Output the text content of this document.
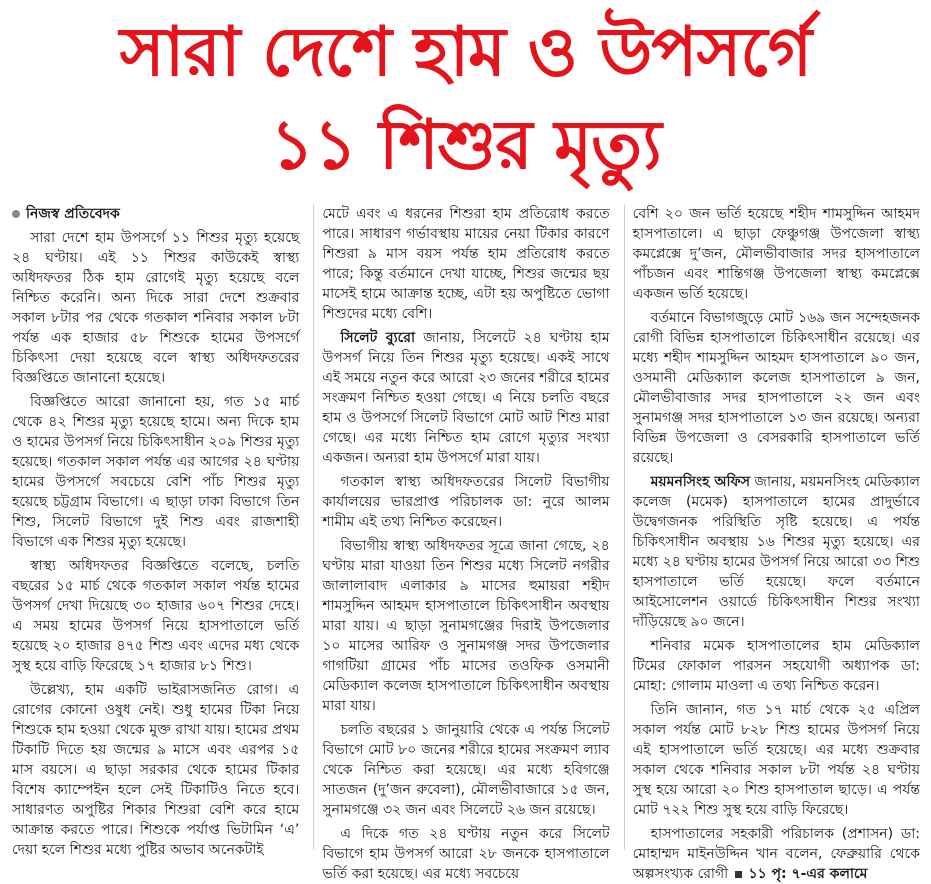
সারা দেশে হাম ও উপসর্গে
১১ শিশুর মৃত্যু
নিজস্ব প্রতিবেদক

সারা দেশে হাম উপসর্গে ১১ শিশুর মৃত্যু হয়েছে ২৪ ঘণ্টায়। এই ১১ শিশুর কাউকেই স্বাস্থ্য অধিদফতর ঠিক হাম রোগেই মৃত্যু হয়েছে বলে নিশ্চিত করেনি। অন্য দিকে সারা দেশে শুক্রবার সকাল ৮টার পর থেকে গতকাল শনিবার সকাল ৮টা পর্যন্ত এক হাজার ৫৮ শিশুকে হামের উপসর্গে চিকিৎসা দেয়া হয়েছে বলে স্বাস্থ্য অধিদফতরের বিজ্ঞপ্তিতে জানানো হয়েছে।

বিজ্ঞপ্তিতে আরো জানানো হয়, গত ১৫ মার্চ থেকে ৪২ শিশুর মৃত্যু হয়েছে হামে। অন্য দিকে হাম ও হামের উপসর্গ নিয়ে চিকিৎসাধীন ২০৯ শিশুর মৃত্যু হয়েছে। গতকাল সকাল পর্যন্ত এর আগের ২৪ ঘণ্টায় হামের উপসর্গে সবচেয়ে বেশি পাঁচ শিশুর মৃত্যু হয়েছে চট্টগ্রাম বিভাগে। এ ছাড়া ঢাকা বিভাগে তিন শিশু, সিলেট বিভাগে দুই শিশু এবং রাজশাহী বিভাগে এক শিশুর মৃত্যু হয়েছে।

স্বাস্থ্য অধিদফতর বিজ্ঞপ্তিতে বলেছে, চলতি বছরের ১৫ মার্চ থেকে গতকাল সকাল পর্যন্ত হামের উপসর্গ দেখা দিয়েছে ৩০ হাজার ৬০৭ শিশুর দেহে। এ সময় হামের উপসর্গ নিয়ে হাসপাতালে ভর্তি হয়েছে ২০ হাজার ৪৭৫ শিশু এবং এদের মধ্য থেকে সুস্থ হয়ে বাড়ি ফিরেছে ১৭ হাজার ৮১ শিশু।

উল্লেখ্য, হাম একটি ভাইরাসজনিত রোগ। এ রোগের কোনো ওষুধ নেই। শুধু হামের টিকা নিয়ে শিশুকে হাম হওয়া থেকে মুক্ত রাখা যায়। হামের প্রথম টিকাটি দিতে হয় জন্মের ৯ মাসে এবং এরপর ১৫ মাস বয়সে। এ ছাড়া সরকার থেকে হামের টিকার বিশেষ ক্যাম্পেইন হলে সেই টিকাটিও নিতে হবে। সাধারণত অপুষ্টির শিকার শিশুরা বেশি করে হামে আক্রান্ত করতে পারে। শিশুকে পর্যাপ্ত ভিটামিন ‘এ’ দেয়া হলে শিশুর মধ্যে পুষ্টির অভাব অনেকটাই

মেটে এবং এ ধরনের শিশুরা হাম প্রতিরোধ করতে পারে। সাধারণ গর্ভাবস্থায় মায়ের নেয়া টিকার কারণে শিশুরা ৯ মাস বয়স পর্যন্ত হাম প্রতিরোধ করতে পারে; কিন্তু বর্তমানে দেখা যাচ্ছে, শিশুর জন্মের ছয় মাসেই হামে আক্রান্ত হচ্ছে, এটা হয় অপুষ্টিতে ভোগা শিশুদের মধ্যে বেশি।

সিলেট ব্যুরো জানায়, সিলেটে ২৪ ঘণ্টায় হাম উপসর্গ নিয়ে তিন শিশুর মৃত্যু হয়েছে। একই সাথে এই সময়ে নতুন করে আরো ২৩ জনের শরীরে হামের সংক্রমণ নিশ্চিত হওয়া গেছে। এ নিয়ে চলতি বছরে হাম ও উপসর্গে সিলেট বিভাগে মোট আট শিশু মারা গেছে। এর মধ্যে নিশ্চিত হাম রোগে মৃত্যুর সংখ্যা একজন। অন্যরা হাম উপসর্গে মারা যায়।

গতকাল স্বাস্থ্য অধিদফতরের সিলেট বিভাগীয় কার্যালয়ের ভারপ্রাপ্ত পরিচালক ডা: নুরে আলম শামীম এই তথ্য নিশ্চিত করেছেন।

বিভাগীয় স্বাস্থ্য অধিদফতর সূত্রে জানা গেছে, ২৪ ঘণ্টায় মারা যাওয়া তিন শিশুর মধ্যে সিলেট নগরীর জালালাবাদ এলাকার ৯ মাসের হুমায়রা শহীদ শামসুদ্দিন আহমদ হাসপাতালে চিকিৎসাধীন অবস্থায় মারা যায়। এ ছাড়া সুনামগঞ্জের দিরাই উপজেলার ১০ মাসের আরিফ ও সুনামগঞ্জ সদর উপজেলার গাগটিয়া গ্রামের পাঁচ মাসের তওফিক ওসমানী মেডিক্যাল কলেজ হাসপাতালে চিকিৎসাধীন অবস্থায় মারা যায়।

চলতি বছরের ১ জানুয়ারি থেকে এ পর্যন্ত সিলেট বিভাগে মোট ৮০ জনের শরীরে হামের সংক্রমণ ল্যাব থেকে নিশ্চিত করা হয়েছে। এর মধ্যে হবিগঞ্জে সাতজন (দু’জন রুবেলা), মৌলভীবাজারে ১৫ জন, সুনামগঞ্জে ৩২ জন এবং সিলেটে ২৬ জন রয়েছে।

এ দিকে গত ২৪ ঘণ্টায় নতুন করে সিলেট বিভাগে হাম উপসর্গ আরো ২৮ জনকে হাসপাতালে ভর্তি করা হয়েছে। এর মধ্যে সবচেয়ে

বেশি ২০ জন ভর্তি হয়েছে শহীদ শামসুদ্দিন আহমদ হাসপাতালে। এ ছাড়া ফেঞ্চুগঞ্জ উপজেলা স্বাস্থ্য কমপ্লেক্সে দু’জন, মৌলভীবাজার সদর হাসপাতালে পাঁচজন এবং শান্তিগঞ্জ উপজেলা স্বাস্থ্য কমপ্লেক্সে একজন ভর্তি হয়েছে।

বর্তমানে বিভাগজুড়ে মোট ১৬৯ জন সন্দেহজনক রোগী বিভিন্ন হাসপাতালে চিকিৎসাধীন রয়েছে। এর মধ্যে শহীদ শামসুদ্দিন আহমদ হাসপাতালে ৯০ জন, ওসমানী মেডিক্যাল কলেজ হাসপাতালে ৯ জন, মৌলভীবাজার সদর হাসপাতালে ২২ জন এবং সুনামগঞ্জ সদর হাসপাতালে ১৩ জন রয়েছে। অন্যরা বিভিন্ন উপজেলা ও বেসরকারি হাসপাতালে ভর্তি রয়েছে।

ময়মনসিংহ অফিস জানায়, ময়মনসিংহ মেডিক্যাল কলেজ (মমেক) হাসপাতালে হামের প্রাদুর্ভাবে উদ্বেগজনক পরিস্থিতি সৃষ্টি হয়েছে। এ পর্যন্ত চিকিৎসাধীন অবস্থায় ১৬ শিশুর মৃত্যু হয়েছে। এর মধ্যে ২৪ ঘণ্টায় হামের উপসর্গ নিয়ে আরো ৩৩ শিশু হাসপাতালে ভর্তি হয়েছে। ফলে বর্তমানে আইসোলেশন ওয়ার্ডে চিকিৎসাধীন শিশুর সংখ্যা দাঁড়িয়েছে ৯০ জনে।

শনিবার মমেক হাসপাতালের হাম মেডিক্যাল টিমের ফোকাল পারসন সহযোগী অধ্যাপক ডা: মোহা: গোলাম মাওলা এ তথ্য নিশ্চিত করেন।

তিনি জানান, গত ১৭ মার্চ থেকে ২৫ এপ্রিল সকাল পর্যন্ত মোট ৮২৮ শিশু হামের উপসর্গ নিয়ে এই হাসপাতালে ভর্তি হয়েছে। এর মধ্যে শুক্রবার সকাল থেকে শনিবার সকাল ৮টা পর্যন্ত ২৪ ঘণ্টায় সুস্থ হয়ে আরো ২০ শিশু হাসপাতাল ছাড়ে। এ পর্যন্ত মোট ৭২২ শিশু সুস্থ হয়ে বাড়ি ফিরেছে।

হাসপাতালের সহকারী পরিচালক (প্রশাসন) ডা: মোহাম্মদ মাইনউদ্দিন খান বলেন, ফেব্রুয়ারি থেকে অল্পসংখ্যক রোগী  ১১ পৃ: ৭-এর কলামে
